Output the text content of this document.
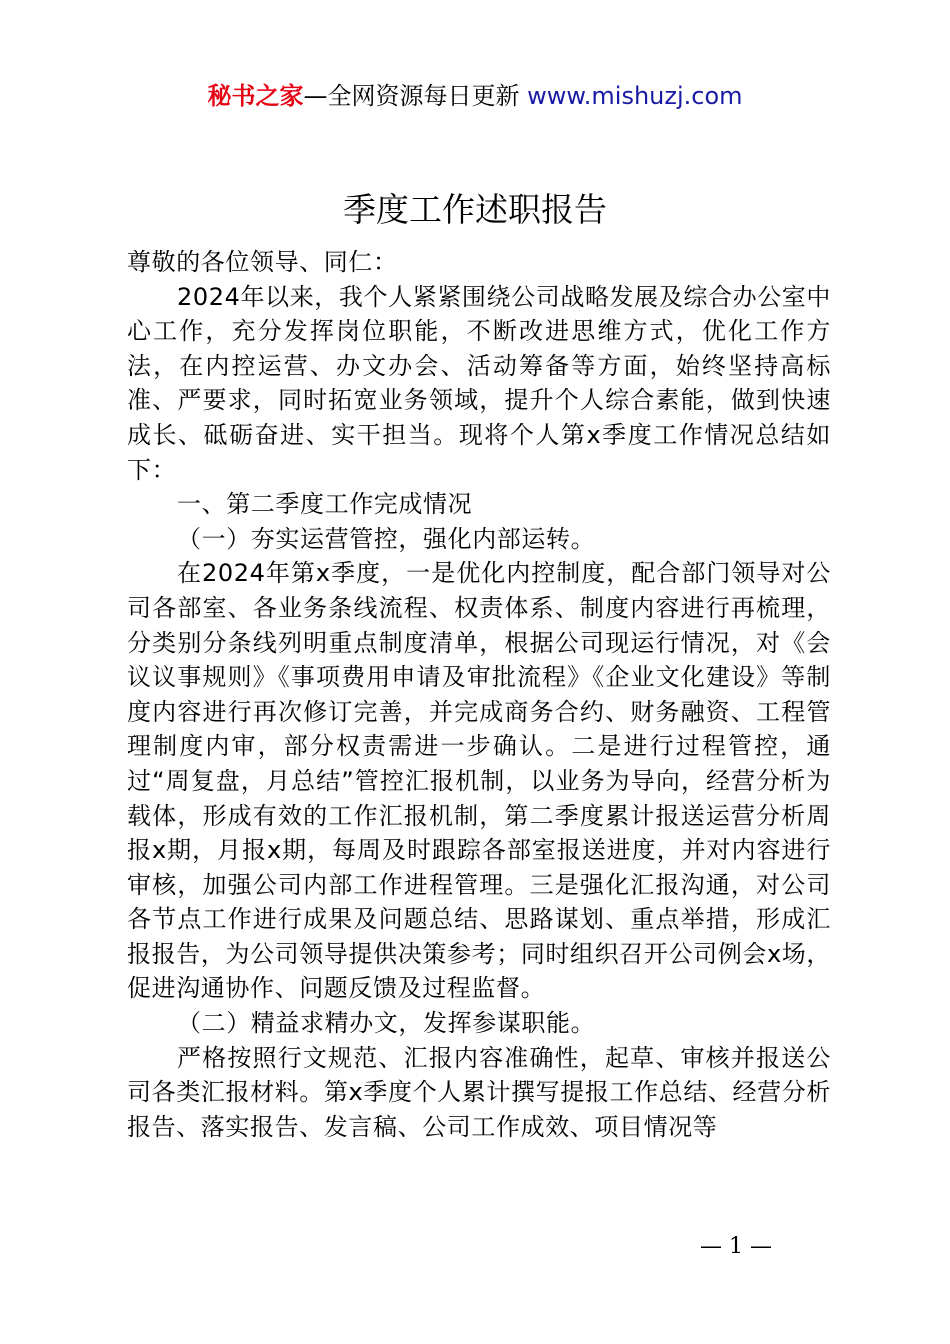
秘书之家—全网资源每日更新 www.mishuzj.com
季度工作述职报告

尊敬的各位领导、同仁：

2024年以来，我个人紧紧围绕公司战略发展及综合办公室中心工作，充分发挥岗位职能，不断改进思维方式，优化工作方法，在内控运营、办文办会、活动筹备等方面，始终坚持高标准、严要求，同时拓宽业务领域，提升个人综合素能，做到快速成长、砥砺奋进、实干担当。现将个人第x季度工作情况总结如下：

一、第二季度工作完成情况

（一）夯实运营管控，强化内部运转。

在2024年第x季度，一是优化内控制度，配合部门领导对公司各部室、各业务条线流程、权责体系、制度内容进行再梳理，分类别分条线列明重点制度清单，根据公司现运行情况，对《会议议事规则》《事项费用申请及审批流程》《企业文化建设》等制度内容进行再次修订完善，并完成商务合约、财务融资、工程管理制度内审，部分权责需进一步确认。二是进行过程管控，通过“周复盘，月总结”管控汇报机制，以业务为导向，经营分析为载体，形成有效的工作汇报机制，第二季度累计报送运营分析周报x期，月报x期，每周及时跟踪各部室报送进度，并对内容进行审核，加强公司内部工作进程管理。三是强化汇报沟通，对公司各节点工作进行成果及问题总结、思路谋划、重点举措，形成汇报报告，为公司领导提供决策参考；同时组织召开公司例会x场，促进沟通协作、问题反馈及过程监督。

（二）精益求精办文，发挥参谋职能。

严格按照行文规范、汇报内容准确性，起草、审核并报送公司各类汇报材料。第x季度个人累计撰写提报工作总结、经营分析报告、落实报告、发言稿、公司工作成效、项目情况等

— 1 —
